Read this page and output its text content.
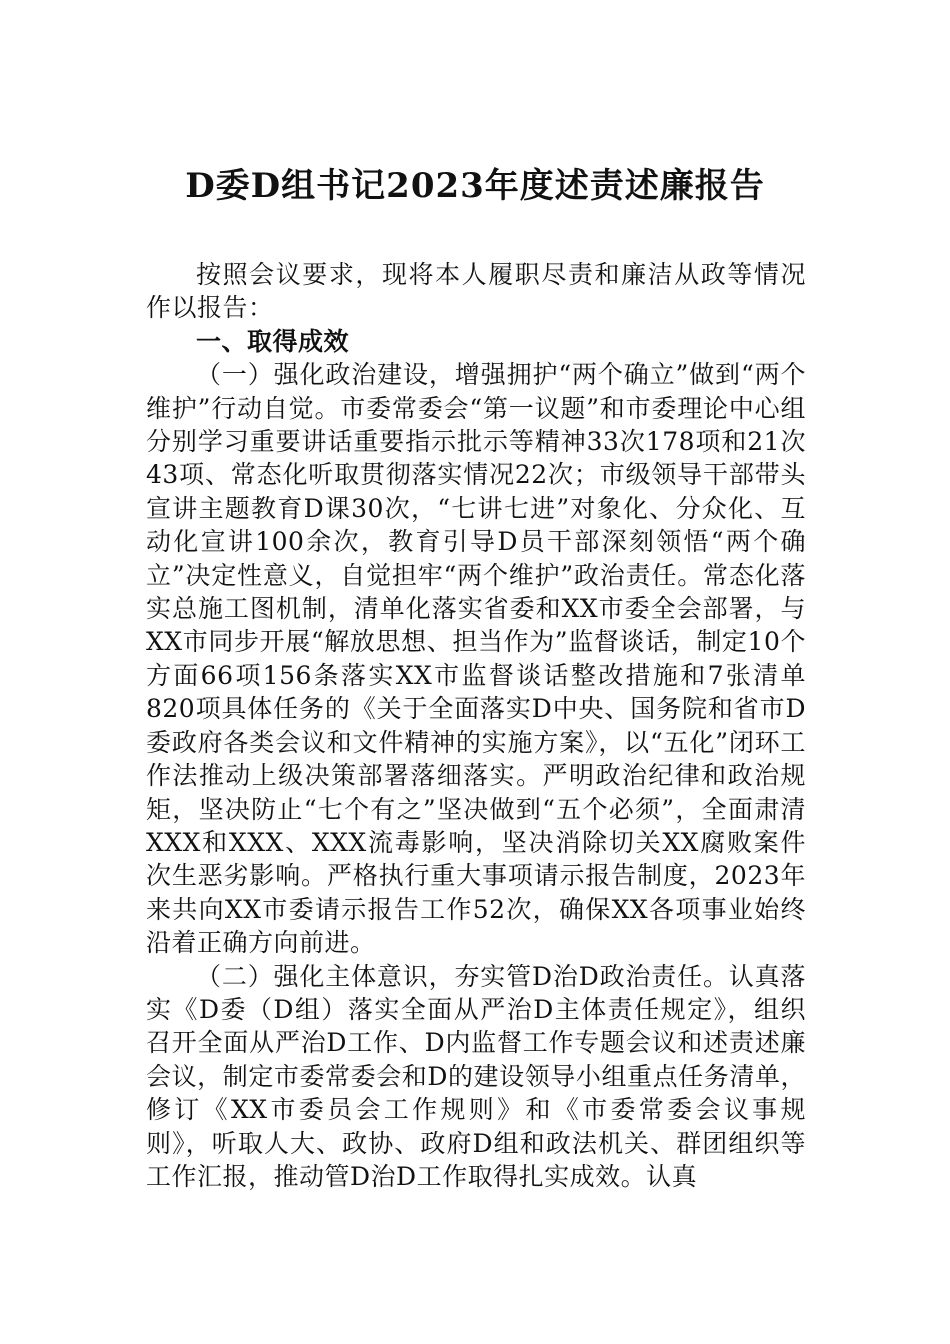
D委D组书记2023年度述责述廉报告

按照会议要求，现将本人履职尽责和廉洁从政等情况作以报告：

一、取得成效

（一）强化政治建设，增强拥护“两个确立”做到“两个维护”行动自觉。市委常委会“第一议题”和市委理论中心组分别学习重要讲话重要指示批示等精神33次178项和21次43项、常态化听取贯彻落实情况22次；市级领导干部带头宣讲主题教育D课30次，“七讲七进”对象化、分众化、互动化宣讲100余次，教育引导D员干部深刻领悟“两个确立”决定性意义，自觉担牢“两个维护”政治责任。常态化落实总施工图机制，清单化落实省委和XX市委全会部署，与XX市同步开展“解放思想、担当作为”监督谈话，制定10个方面66项156条落实XX市监督谈话整改措施和7张清单820项具体任务的《关于全面落实D中央、国务院和省市D委政府各类会议和文件精神的实施方案》，以“五化”闭环工作法推动上级决策部署落细落实。严明政治纪律和政治规矩，坚决防止“七个有之”坚决做到“五个必须”，全面肃清XXX和XXX、XXX流毒影响，坚决消除切关XX腐败案件次生恶劣影响。严格执行重大事项请示报告制度，2023年来共向XX市委请示报告工作52次，确保XX各项事业始终沿着正确方向前进。

（二）强化主体意识，夯实管D治D政治责任。认真落实《D委（D组）落实全面从严治D主体责任规定》，组织召开全面从严治D工作、D内监督工作专题会议和述责述廉会议，制定市委常委会和D的建设领导小组重点任务清单，修订《XX市委员会工作规则》和《市委常委会议事规则》，听取人大、政协、政府D组和政法机关、群团组织等工作汇报，推动管D治D工作取得扎实成效。认真
